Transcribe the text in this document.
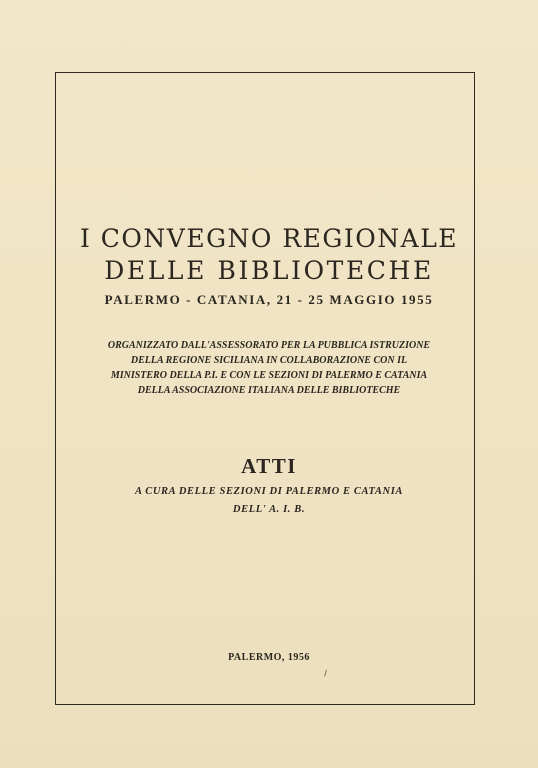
I CONVEGNO REGIONALE
DELLE BIBLIOTECHE
PALERMO - CATANIA, 21 - 25 MAGGIO 1955
ORGANIZZATO DALL'ASSESSORATO PER LA PUBBLICA ISTRUZIONE
DELLA REGIONE SICILIANA IN COLLABORAZIONE CON IL
MINISTERO DELLA P.I. E CON LE SEZIONI DI PALERMO E CATANIA
DELLA ASSOCIAZIONE ITALIANA DELLE BIBLIOTECHE
ATTI
A CURA DELLE SEZIONI DI PALERMO E CATANIA
DELL' A. I. B.
PALERMO, 1956
